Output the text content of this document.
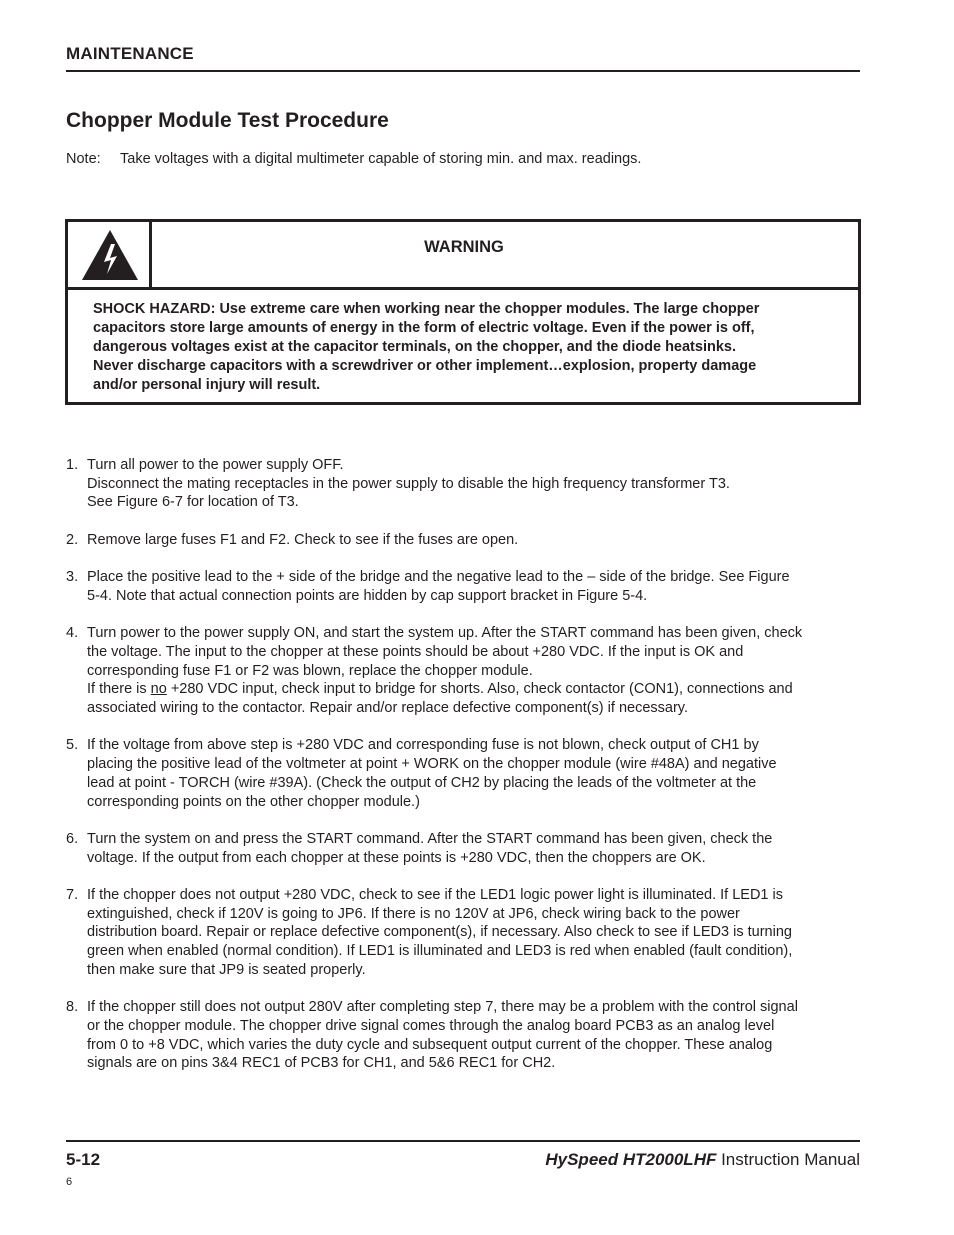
MAINTENANCE
Chopper Module Test Procedure
Note: Take voltages with a digital multimeter capable of storing min. and max. readings.
WARNING
SHOCK HAZARD: Use extreme care when working near the chopper modules. The large chopper
capacitors store large amounts of energy in the form of electric voltage. Even if the power is off,
dangerous voltages exist at the capacitor terminals, on the chopper, and the diode heatsinks.
Never discharge capacitors with a screwdriver or other implement…explosion, property damage
and/or personal injury will result.
1. Turn all power to the power supply OFF.
Disconnect the mating receptacles in the power supply to disable the high frequency transformer T3.
See Figure 6-7 for location of T3.
2. Remove large fuses F1 and F2. Check to see if the fuses are open.
3. Place the positive lead to the + side of the bridge and the negative lead to the – side of the bridge. See Figure
5-4. Note that actual connection points are hidden by cap support bracket in Figure 5-4.
4. Turn power to the power supply ON, and start the system up. After the START command has been given, check
the voltage. The input to the chopper at these points should be about +280 VDC. If the input is OK and
corresponding fuse F1 or F2 was blown, replace the chopper module.
If there is no +280 VDC input, check input to bridge for shorts. Also, check contactor (CON1), connections and
associated wiring to the contactor. Repair and/or replace defective component(s) if necessary.
5. If the voltage from above step is +280 VDC and corresponding fuse is not blown, check output of CH1 by
placing the positive lead of the voltmeter at point + WORK on the chopper module (wire #48A) and negative
lead at point - TORCH (wire #39A). (Check the output of CH2 by placing the leads of the voltmeter at the
corresponding points on the other chopper module.)
6. Turn the system on and press the START command. After the START command has been given, check the
voltage. If the output from each chopper at these points is +280 VDC, then the choppers are OK.
7. If the chopper does not output +280 VDC, check to see if the LED1 logic power light is illuminated. If LED1 is
extinguished, check if 120V is going to JP6. If there is no 120V at JP6, check wiring back to the power
distribution board. Repair or replace defective component(s), if necessary. Also check to see if LED3 is turning
green when enabled (normal condition). If LED1 is illuminated and LED3 is red when enabled (fault condition),
then make sure that JP9 is seated properly.
8. If the chopper still does not output 280V after completing step 7, there may be a problem with the control signal
or the chopper module. The chopper drive signal comes through the analog board PCB3 as an analog level
from 0 to +8 VDC, which varies the duty cycle and subsequent output current of the chopper. These analog
signals are on pins 3&4 REC1 of PCB3 for CH1, and 5&6 REC1 for CH2.
5-12
6
HySpeed HT2000LHF Instruction Manual
